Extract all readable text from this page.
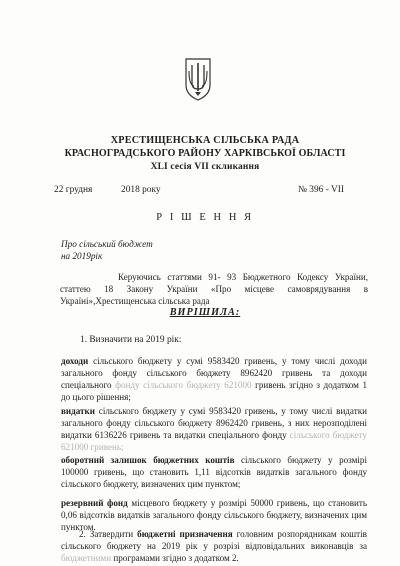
ХРЕСТИЩЕНСЬКА СІЛЬСЬКА РАДА
КРАСНОГРАДСЬКОГО РАЙОНУ ХАРКІВСЬКОЇ ОБЛАСТІ
ХLІ сесія VІІ скликання
22 грудня	2018 року	№ 396 - VІІ
Р І Ш Е Н Н Я
Про сільський бюджет
на 2019рік
Керуючись статтями 91- 93 Бюджетного Кодексу України, статтею 18 Закону України «Про місцеве самоврядування в Україні»,Хрестищенська сільська рада
ВИРІШИЛА:
1. Визначити на 2019 рік:
доходи сільського бюджету у сумі 9583420 гривень, у тому числі доходи загального фонду сільського бюджету 8962420 гривень та доходи спеціального фонду сільського бюджету 621000 гривень згідно з додатком 1 до цього рішення;
видатки сільського бюджету у сумі 9583420 гривень, у тому числі видатки загального фонду сільського бюджету 8962420 гривень, з них нерозподілені видатки 6136226 гривень та видатки спеціального фонду сільського бюджету 621000 гривень;
оборотний залишок бюджетних коштів сільського бюджету у розмірі 100000 гривень, що становить 1,11 відсотків видатків загального фонду сільського бюджету, визначених цим пунктом;
резервний фонд місцевого бюджету у розмірі 50000 гривень, що становить 0,06 відсотків видатків загального фонду сільського бюджету, визначених цим пунктом.
2. Затвердити бюджетні призначення головним розпорядникам коштів сільського бюджету на 2019 рік у розрізі відповідальних виконавців за бюджетними програмами згідно з додатком 2.
